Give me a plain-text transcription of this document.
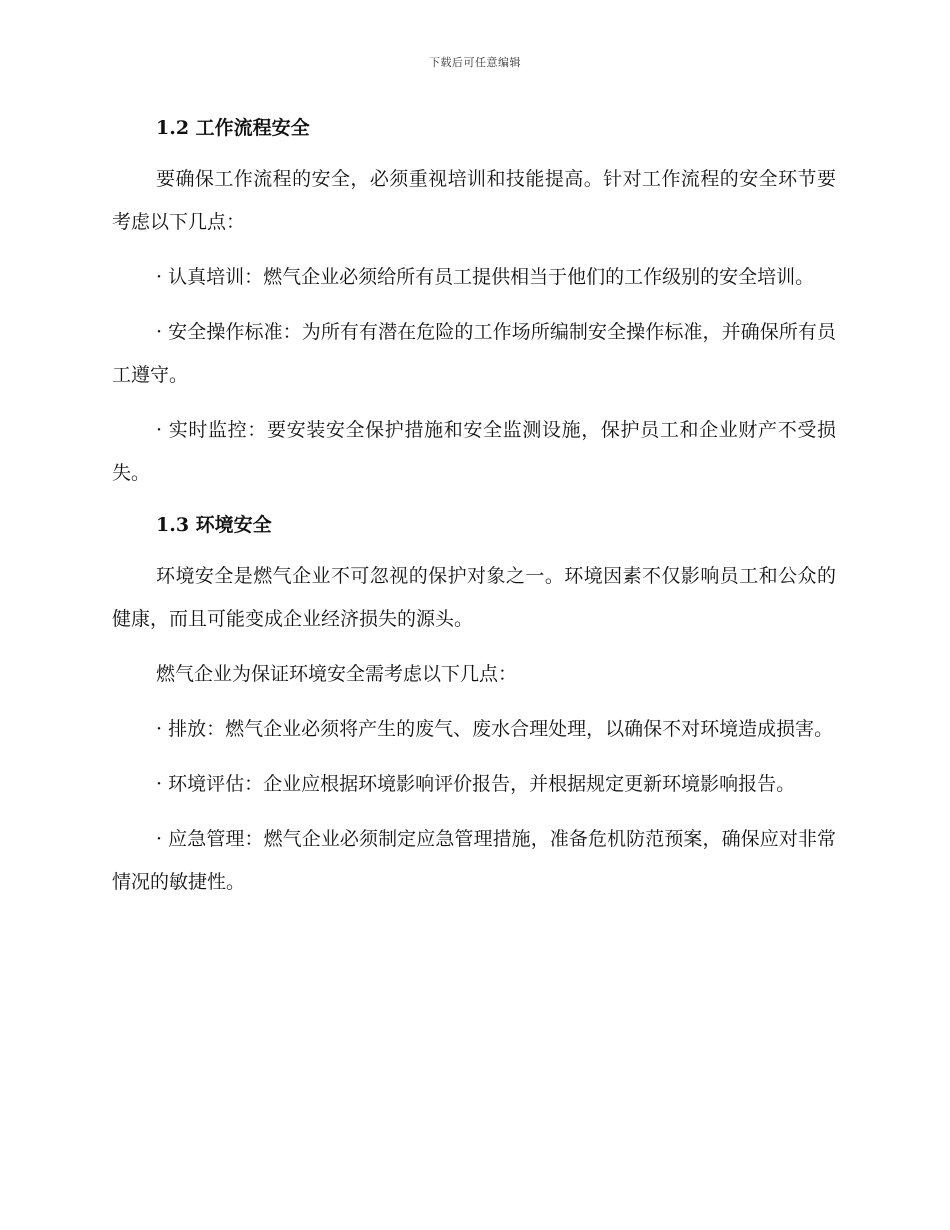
下载后可任意编辑
1.2 工作流程安全

要确保工作流程的安全，必须重视培训和技能提高。针对工作流程的安全环节要考虑以下几点：

· 认真培训：燃气企业必须给所有员工提供相当于他们的工作级别的安全培训。

· 安全操作标准：为所有有潜在危险的工作场所编制安全操作标准，并确保所有员工遵守。

· 实时监控：要安装安全保护措施和安全监测设施，保护员工和企业财产不受损失。

1.3 环境安全

环境安全是燃气企业不可忽视的保护对象之一。环境因素不仅影响员工和公众的健康，而且可能变成企业经济损失的源头。

燃气企业为保证环境安全需考虑以下几点：

· 排放：燃气企业必须将产生的废气、废水合理处理，以确保不对环境造成损害。

· 环境评估：企业应根据环境影响评价报告，并根据规定更新环境影响报告。

· 应急管理：燃气企业必须制定应急管理措施，准备危机防范预案，确保应对非常情况的敏捷性。
